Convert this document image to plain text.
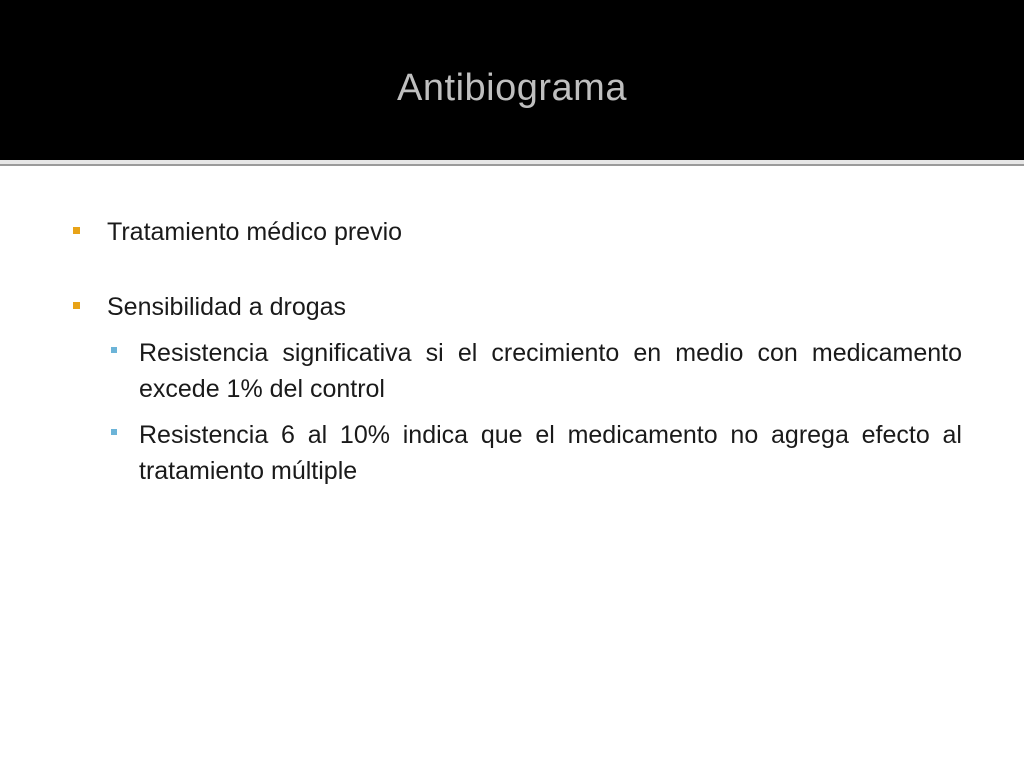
Antibiograma
Tratamiento médico previo
Sensibilidad a drogas
Resistencia significativa si el crecimiento en medio con medicamento excede 1% del control
Resistencia 6 al 10% indica que el medicamento no agrega efecto al tratamiento múltiple
